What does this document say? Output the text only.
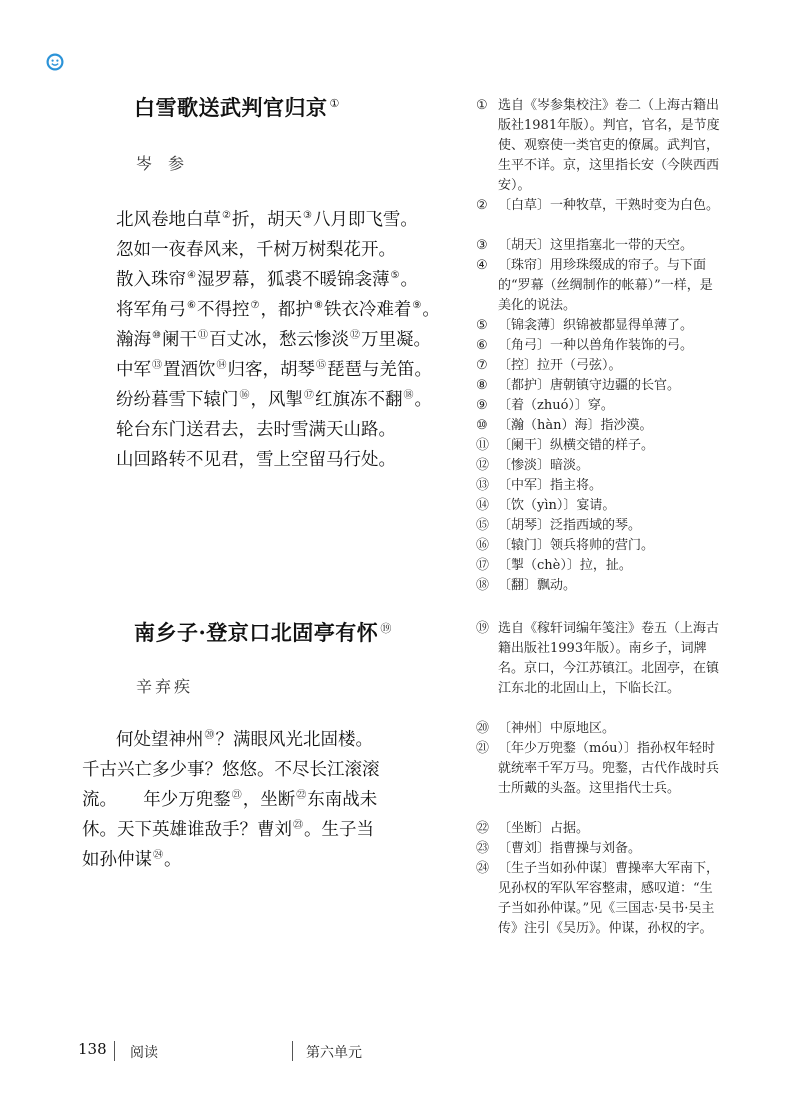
白雪歌送武判官归京 ①
岑参
北风卷地白草②折，胡天③八月即飞雪。
忽如一夜春风来，千树万树梨花开。
散入珠帘④湿罗幕，狐裘不暖锦衾薄⑤。
将军角弓⑥不得控⑦，都护⑧铁衣冷难着⑨。
瀚海⑩阑干⑪百丈冰，愁云惨淡⑫万里凝。
中军⑬置酒饮⑭归客，胡琴⑮琵琶与羌笛。
纷纷暮雪下辕门⑯，风掣⑰红旗冻不翻⑱。
轮台东门送君去，去时雪满天山路。
山回路转不见君，雪上空留马行处。
南乡子·登京口北固亭有怀 ⑲
辛弃疾
何处望神州⑳？满眼风光北固楼。
千古兴亡多少事？悠悠。不尽长江滚滚
流。　　年少万兜鍪$^㉑$，坐断$^㉒$东南战未
休。天下英雄谁敌手？曹刘$^㉓$。生子当
如孙仲谋$^㉔$。
① 选自《岑参集校注》卷二（上海古籍出版社1981年版）。判官，官名，是节度使、观察使一类官吏的僚属。武判官，生平不详。京，这里指长安（今陕西西安）。
② 〔白草〕一种牧草，干熟时变为白色。
③ 〔胡天〕这里指塞北一带的天空。
④ 〔珠帘〕用珍珠缀成的帘子。与下面的“罗幕（丝绸制作的帐幕）”一样，是美化的说法。
⑤ 〔锦衾薄〕织锦被都显得单薄了。
⑥ 〔角弓〕一种以兽角作装饰的弓。
⑦ 〔控〕拉开（弓弦）。
⑧ 〔都护〕唐朝镇守边疆的长官。
⑨ 〔着（zhuó）〕穿。
⑩ 〔瀚（hàn）海〕指沙漠。
⑪ 〔阑干〕纵横交错的样子。
⑫ 〔惨淡〕暗淡。
⑬ 〔中军〕指主将。
⑭ 〔饮（yìn）〕宴请。
⑮ 〔胡琴〕泛指西域的琴。
⑯ 〔辕门〕领兵将帅的营门。
⑰ 〔掣（chè）〕拉，扯。
⑱ 〔翻〕飘动。
⑲ 选自《稼轩词编年笺注》卷五（上海古籍出版社1993年版）。南乡子，词牌名。京口，今江苏镇江。北固亭，在镇江东北的北固山上，下临长江。
⑳ 〔神州〕中原地区。
㉑ 〔年少万兜鍪（móu）〕指孙权年轻时就统率千军万马。兜鍪，古代作战时兵士所戴的头盔。这里指代士兵。
㉒ 〔坐断〕占据。
㉓ 〔曹刘〕指曹操与刘备。
㉔ 〔生子当如孙仲谋〕曹操率大军南下，见孙权的军队军容整肃，感叹道：“生子当如孙仲谋。”见《三国志·吴书·吴主传》注引《吴历》。仲谋，孙权的字。
138 阅读	第六单元
